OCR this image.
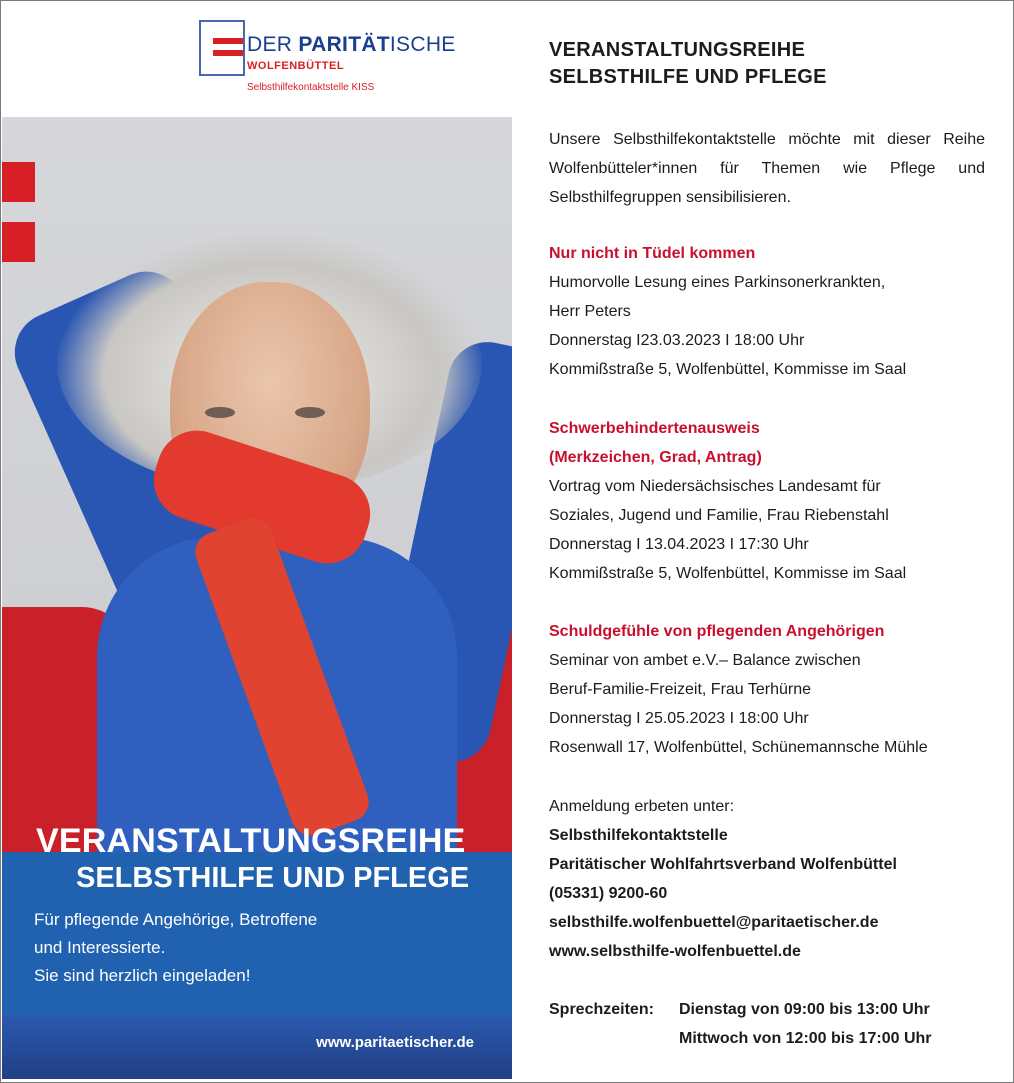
DER PARITÄTISCHE
WOLFENBÜTTEL
Selbsthilfekontaktstelle KISS
VERANSTALTUNGSREIHE
SELBSTHILFE UND PFLEGE
Für pflegende Angehörige, Betroffene
und Interessierte.
Sie sind herzlich eingeladen!
www.paritaetischer.de
VERANSTALTUNGSREIHE
SELBSTHILFE UND PFLEGE
Unsere Selbsthilfekontaktstelle möchte mit dieser Reihe Wolfenbütteler*innen für Themen wie Pflege und Selbsthilfegruppen sensibilisieren.
Nur nicht in Tüdel kommen
Humorvolle Lesung eines Parkinsonerkrankten,
Herr Peters
Donnerstag I23.03.2023 I 18:00 Uhr
Kommißstraße 5, Wolfenbüttel, Kommisse im Saal
Schwerbehindertenausweis
(Merkzeichen, Grad, Antrag)
Vortrag vom Niedersächsisches Landesamt für
Soziales, Jugend und Familie, Frau Riebenstahl
Donnerstag I 13.04.2023 I 17:30 Uhr
Kommißstraße 5, Wolfenbüttel, Kommisse im Saal
Schuldgefühle von pflegenden Angehörigen
Seminar von ambet e.V.– Balance zwischen
Beruf-Familie-Freizeit, Frau Terhürne
Donnerstag I 25.05.2023 I 18:00 Uhr
Rosenwall 17, Wolfenbüttel, Schünemannsche Mühle
Anmeldung erbeten unter:
Selbsthilfekontaktstelle
Paritätischer Wohlfahrtsverband Wolfenbüttel
(05331) 9200-60
selbsthilfe.wolfenbuettel@paritaetischer.de
www.selbsthilfe-wolfenbuettel.de
Sprechzeiten: Dienstag von 09:00 bis 13:00 Uhr
Mittwoch von 12:00 bis 17:00 Uhr
